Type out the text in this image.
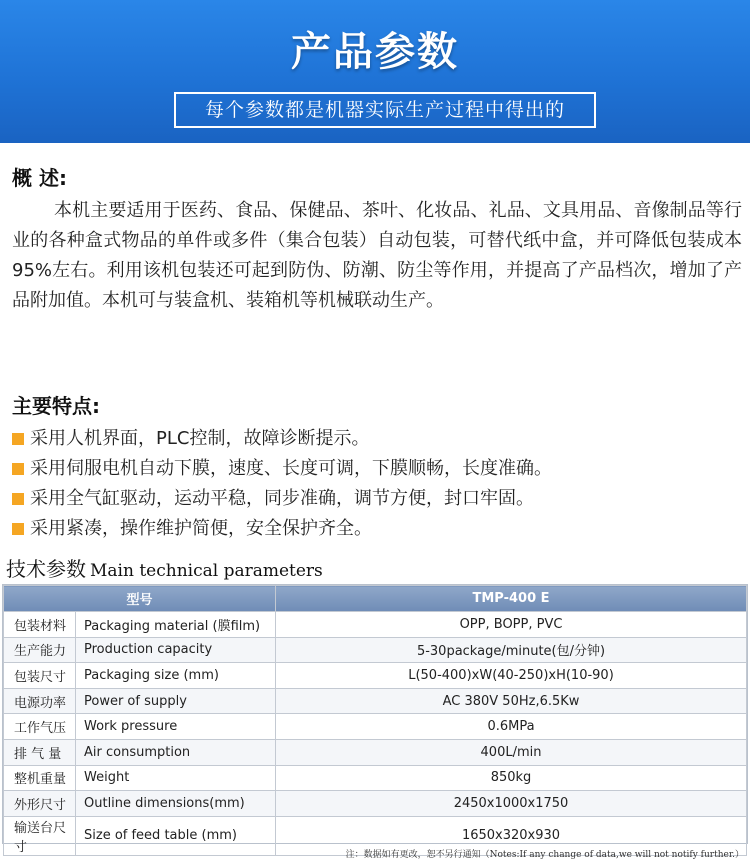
产品参数
每个参数都是机器实际生产过程中得出的
概 述:
本机主要适用于医药、食品、保健品、茶叶、化妆品、礼品、文具用品、音像制品等行业的各种盒式物品的单件或多件（集合包装）自动包装，可替代纸中盒，并可降低包装成本95%左右。利用该机包装还可起到防伪、防潮、防尘等作用，并提高了产品档次，增加了产品附加值。本机可与装盒机、装箱机等机械联动生产。
主要特点:
采用人机界面，PLC控制，故障诊断提示。
采用伺服电机自动下膜，速度、长度可调，下膜顺畅，长度准确。
采用全气缸驱动，运动平稳，同步准确，调节方便，封口牢固。
采用紧凑，操作维护简便，安全保护齐全。
技术参数 Main technical parameters
型号		TMP-400 E
包装材料	Packaging material (膜film)	OPP, BOPP, PVC
生产能力	Production capacity	5-30package/minute(包/分钟)
包装尺寸	Packaging size (mm)	L(50-400)xW(40-250)xH(10-90)
电源功率	Power of supply	AC 380V 50Hz,6.5Kw
工作气压	Work pressure	0.6MPa
排 气 量	Air consumption	400L/min
整机重量	Weight	850kg
外形尺寸	Outline dimensions(mm)	2450x1000x1750
输送台尺寸	Size of feed table (mm)	1650x320x930
注：数据如有更改，恕不另行通知（Notes:If any change of data,we will not notify further.）
